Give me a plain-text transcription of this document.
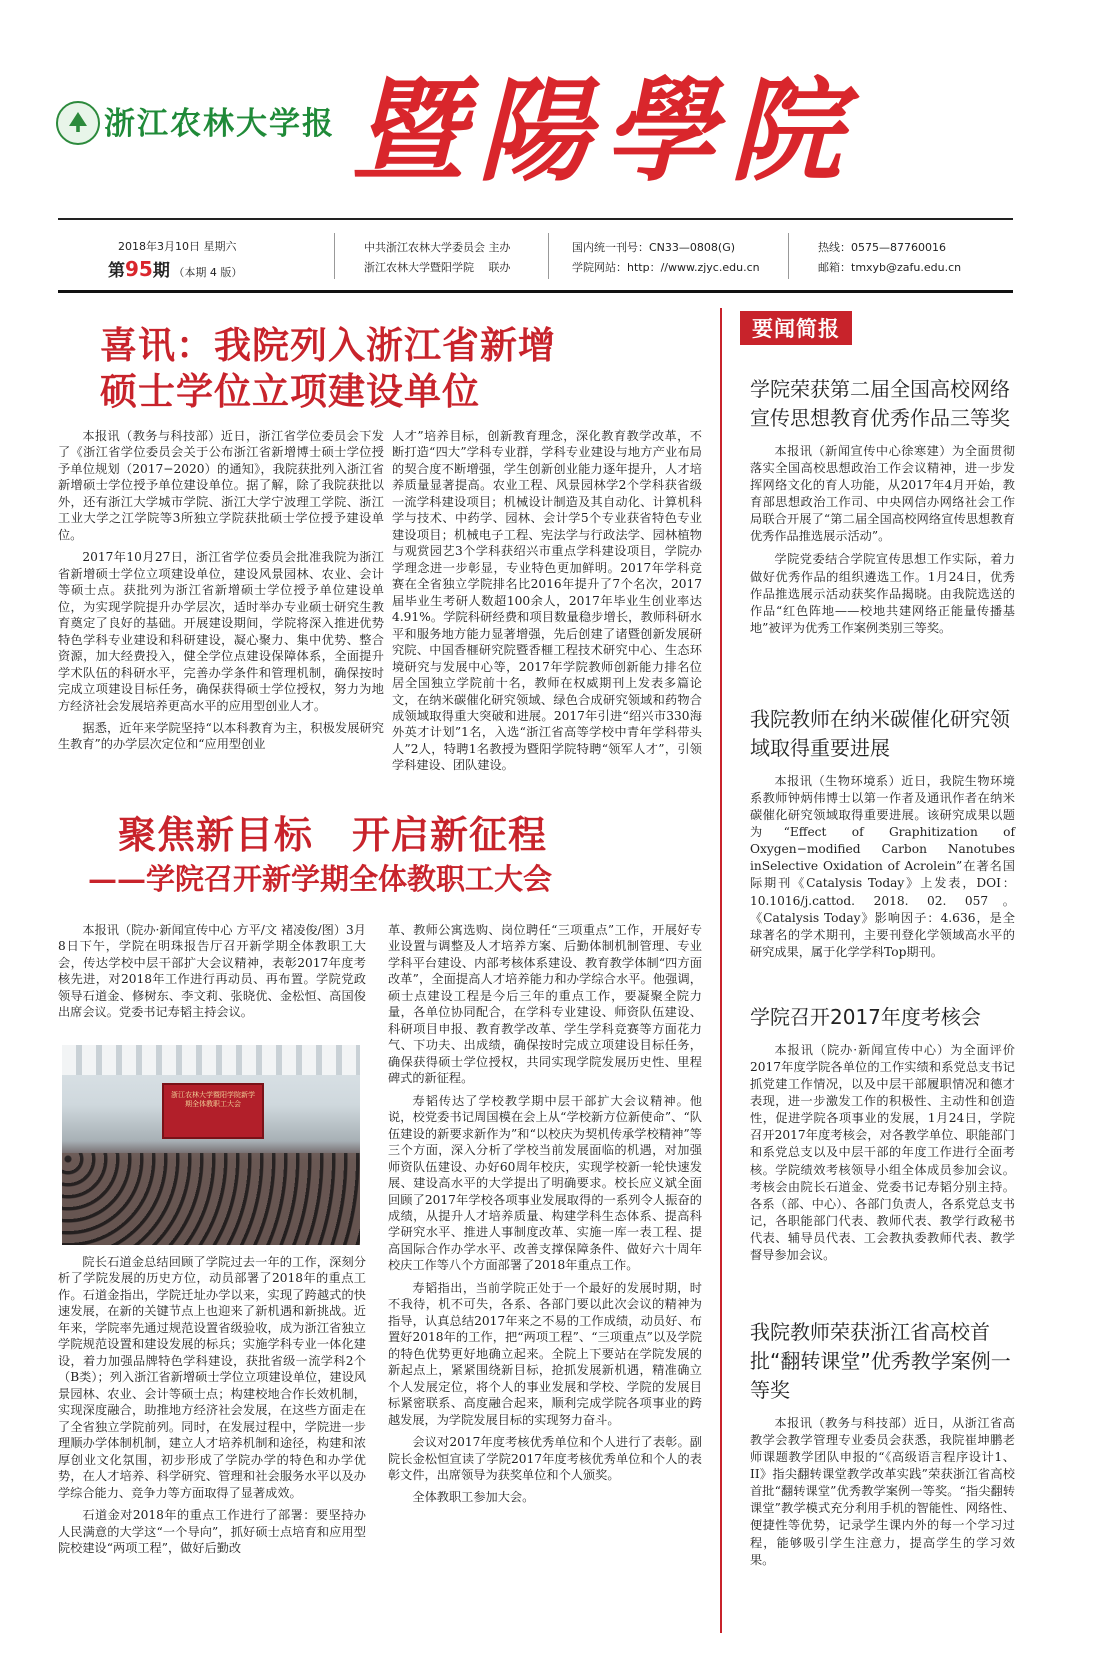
浙江农林大学报 暨陽學院
2018年3月10日 星期六
第95期 （本期 4 版）
中共浙江农林大学委员会 主办
浙江农林大学暨阳学院　 联办
国内统一刊号：CN33—0808(G)
学院网站：http：//www.zjyc.edu.cn
热线：0575—87760016
邮箱：tmxyb@zafu.edu.cn
喜讯：我院列入浙江省新增
硕士学位立项建设单位

本报讯（教务与科技部）近日，浙江省学位委员会下发了《浙江省学位委员会关于公布浙江省新增博士硕士学位授予单位规划（2017−2020）的通知》，我院获批列入浙江省新增硕士学位授予单位建设单位。据了解，除了我院获批以外，还有浙江大学城市学院、浙江大学宁波理工学院、浙江工业大学之江学院等3所独立学院获批硕士学位授予建设单位。

2017年10月27日，浙江省学位委员会批准我院为浙江省新增硕士学位立项建设单位，建设风景园林、农业、会计等硕士点。获批列为浙江省新增硕士学位授予单位建设单位，为实现学院提升办学层次，适时举办专业硕士研究生教育奠定了良好的基础。开展建设期间，学院将深入推进优势特色学科专业建设和科研建设，凝心聚力、集中优势、整合资源，加大经费投入，健全学位点建设保障体系，全面提升学术队伍的科研水平，完善办学条件和管理机制，确保按时完成立项建设目标任务，确保获得硕士学位授权，努力为地方经济社会发展培养更高水平的应用型创业人才。

据悉，近年来学院坚持“以本科教育为主，积极发展研究生教育”的办学层次定位和“应用型创业

人才”培养目标，创新教育理念，深化教育教学改革，不断打造“四大”学科专业群，学科专业建设与地方产业布局的契合度不断增强，学生创新创业能力逐年提升，人才培养质量显著提高。农业工程、风景园林学2个学科获省级一流学科建设项目；机械设计制造及其自动化、计算机科学与技术、中药学、园林、会计学5个专业获省特色专业建设项目；机械电子工程、宪法学与行政法学、园林植物与观赏园艺3个学科获绍兴市重点学科建设项目，学院办学理念进一步彰显，专业特色更加鲜明。2017年学科竞赛在全省独立学院排名比2016年提升了7个名次，2017届毕业生考研人数超100余人，2017年毕业生创业率达4.91%。学院科研经费和项目数量稳步增长，教师科研水平和服务地方能力显著增强，先后创建了诸暨创新发展研究院、中国香榧研究院暨香榧工程技术研究中心、生态环境研究与发展中心等，2017年学院教师创新能力排名位居全国独立学院前十名，教师在权威期刊上发表多篇论文，在纳米碳催化研究领域、绿色合成研究领域和药物合成领域取得重大突破和进展。2017年引进“绍兴市330海外英才计划”1名，入选“浙江省高等学校中青年学科带头人”2人，特聘1名教授为暨阳学院特聘“领军人才”，引领学科建设、团队建设。

聚焦新目标　开启新征程
——学院召开新学期全体教职工大会

本报讯（院办·新闻宣传中心 方平/文 褚凌俊/图）3月8日下午，学院在明珠报告厅召开新学期全体教职工大会，传达学校中层干部扩大会议精神，表彰2017年度考核先进，对2018年工作进行再动员、再布置。学院党政领导石道金、修树东、李文莉、张晓优、金松恒、高国俊出席会议。党委书记寿韬主持会议。

浙江农林大学暨阳学院新学期全体教职工大会

院长石道金总结回顾了学院过去一年的工作，深刻分析了学院发展的历史方位，动员部署了2018年的重点工作。石道金指出，学院迁址办学以来，实现了跨越式的快速发展，在新的关键节点上也迎来了新机遇和新挑战。近年来，学院率先通过规范设置省级验收，成为浙江省独立学院规范设置和建设发展的标兵；实施学科专业一体化建设，着力加强品牌特色学科建设，获批省级一流学科2个（B类）；列入浙江省新增硕士学位立项建设单位，建设风景园林、农业、会计等硕士点；构建校地合作长效机制，实现深度融合，助推地方经济社会发展，在这些方面走在了全省独立学院前列。同时，在发展过程中，学院进一步理顺办学体制机制，建立人才培养机制和途径，构建和浓厚创业文化氛围，初步形成了学院办学的特色和办学优势，在人才培养、科学研究、管理和社会服务水平以及办学综合能力、竞争力等方面取得了显著成效。

石道金对2018年的重点工作进行了部署：要坚持办人民满意的大学这“一个导向”，抓好硕士点培育和应用型院校建设“两项工程”，做好后勤改

革、教师公寓选购、岗位聘任“三项重点”工作，开展好专业设置与调整及人才培养方案、后勤体制机制管理、专业学科平台建设、内部考核体系建设、教育教学体制“四方面改革”，全面提高人才培养能力和办学综合水平。他强调，硕士点建设工程是今后三年的重点工作，要凝聚全院力量，各单位协同配合，在学科专业建设、师资队伍建设、科研项目申报、教育教学改革、学生学科竞赛等方面花力气、下功夫、出成绩，确保按时完成立项建设目标任务，确保获得硕士学位授权，共同实现学院发展历史性、里程碑式的新征程。

寿韬传达了学校教学期中层干部扩大会议精神。他说，校党委书记周国模在会上从“学校新方位新使命”、“队伍建设的新要求新作为”和“以校庆为契机传承学校精神”等三个方面，深入分析了学校当前发展面临的机遇，对加强师资队伍建设、办好60周年校庆，实现学校新一轮快速发展、建设高水平的大学提出了明确要求。校长应义斌全面回顾了2017年学校各项事业发展取得的一系列令人振奋的成绩，从提升人才培养质量、构建学科生态体系、提高科学研究水平、推进人事制度改革、实施一库一表工程、提高国际合作办学水平、改善支撑保障条件、做好六十周年校庆工作等八个方面部署了2018年重点工作。

寿韬指出，当前学院正处于一个最好的发展时期，时不我待，机不可失，各系、各部门要以此次会议的精神为指导，认真总结2017年来之不易的工作成绩，动员好、布置好2018年的工作，把“两项工程”、“三项重点”以及学院的特色优势更好地确立起来。全院上下要站在学院发展的新起点上，紧紧围绕新目标，抢抓发展新机遇，精准确立个人发展定位，将个人的事业发展和学校、学院的发展目标紧密联系、高度融合起来，顺利完成学院各项事业的跨越发展，为学院发展目标的实现努力奋斗。

会议对2017年度考核优秀单位和个人进行了表彰。副院长金松恒宣读了学院2017年度考核优秀单位和个人的表彰文件，出席领导为获奖单位和个人颁奖。

全体教职工参加大会。

要闻简报
学院荣获第二届全国高校网络宣传思想教育优秀作品三等奖

本报讯（新闻宣传中心徐寒建）为全面贯彻落实全国高校思想政治工作会议精神，进一步发挥网络文化的育人功能，从2017年4月开始，教育部思想政治工作司、中央网信办网络社会工作局联合开展了“第二届全国高校网络宣传思想教育优秀作品推选展示活动”。

学院党委结合学院宣传思想工作实际，着力做好优秀作品的组织遴选工作。1月24日，优秀作品推选展示活动获奖作品揭晓。由我院选送的作品“红色阵地——校地共建网络正能量传播基地”被评为优秀工作案例类别三等奖。

我院教师在纳米碳催化研究领域取得重要进展

本报讯（生物环境系）近日，我院生物环境系教师钟炳伟博士以第一作者及通讯作者在纳米碳催化研究领域取得重要进展。该研究成果以题为“Effect of Graphitization of Oxygen−modified Carbon Nanotubes inSelective Oxidation of Acrolein”在著名国际期刊《Catalysis Today》上发表，DOI：10.1016/j.cattod. 2018. 02. 057。《Catalysis Today》影响因子：4.636，是全球著名的学术期刊，主要刊登化学领域高水平的研究成果，属于化学学科Top期刊。

学院召开2017年度考核会

本报讯（院办·新闻宣传中心）为全面评价2017年度学院各单位的工作实绩和系党总支书记抓党建工作情况，以及中层干部履职情况和德才表现，进一步激发工作的积极性、主动性和创造性，促进学院各项事业的发展，1月24日，学院召开2017年度考核会，对各教学单位、职能部门和系党总支以及中层干部的年度工作进行全面考核。学院绩效考核领导小组全体成员参加会议。考核会由院长石道金、党委书记寿韬分别主持。各系（部、中心）、各部门负责人，各系党总支书记，各职能部门代表、教师代表、教学行政秘书代表、辅导员代表、工会教执委教师代表、教学督导参加会议。

我院教师荣获浙江省高校首批“翻转课堂”优秀教学案例一等奖

本报讯（教务与科技部）近日，从浙江省高教学会教学管理专业委员会获悉，我院崔坤鹏老师课题教学团队申报的“《高级语言程序设计1、II》指尖翻转课堂教学改革实践”荣获浙江省高校首批“翻转课堂”优秀教学案例一等奖。“指尖翻转课堂”教学模式充分利用手机的智能性、网络性、便捷性等优势，记录学生课内外的每一个学习过程，能够吸引学生注意力，提高学生的学习效果。
